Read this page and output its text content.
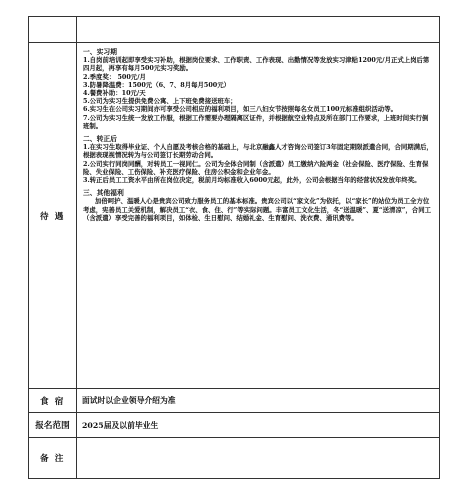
待 遇

一、实习期

1.自岗前培训起即享受实习补助，根据岗位要求、工作职责、工作表现、出勤情况等发放实习津贴1200元/月正式上岗后第四月起，再享有每月500元实习奖励。

2.季度奖： 500元/月

3.防暑降温费：1500元（6、7、8月每月500元）

4.餐费补助：10元/天

5.公司为实习生提供免费公寓、上下班免费接送班车；

6.实习生在公司实习期间亦可享受公司相应的福利项目，如三八妇女节按照每名女员工100元标准组织活动等。

7.公司为实习生统一发放工作服，根据工作需要办理隔离区证件，并根据航空业特点及所在部门工作要求，上班时间实行倒班制。

二、转正后

1.在实习生取得毕业证、个人自愿及考核合格的基础上，与北京融鑫人才咨询公司签订3年固定期限派遣合同，合同期满后，根据表现视情况转为与公司签订长期劳动合同。

2.公司实行同岗同酬，对转员工一视同仁。公司为全体合同制（含派遣）员工缴纳六险两金（社会保险、医疗保险、生育保险、失业保险、工伤保险、补充医疗保险、住房公积金和企业年金。

3.转正后员工工资水平由所在岗位决定，税前月均标准收入6000元起，此外，公司会根据当年的经营状况发放年终奖。

三、其他福利

加倍呵护、温暖人心是贵宾公司致力服务员工的基本标准。贵宾公司以“家文化”为依托，以“家长”的站位为员工全方位考虑，宪善员工关爱机制，解决员工“衣、食、住、行”等实际问题。丰富员工文化生活，冬“送温暖”、夏“送清凉”，合同工（含派遣）享受完善的福利项目，如体检、生日慰问、结婚礼金、生育慰问、洗衣费、通讯费等。

食 宿	面试时以企业领导介绍为准
报名范围	2025届及以前毕业生
备 注
